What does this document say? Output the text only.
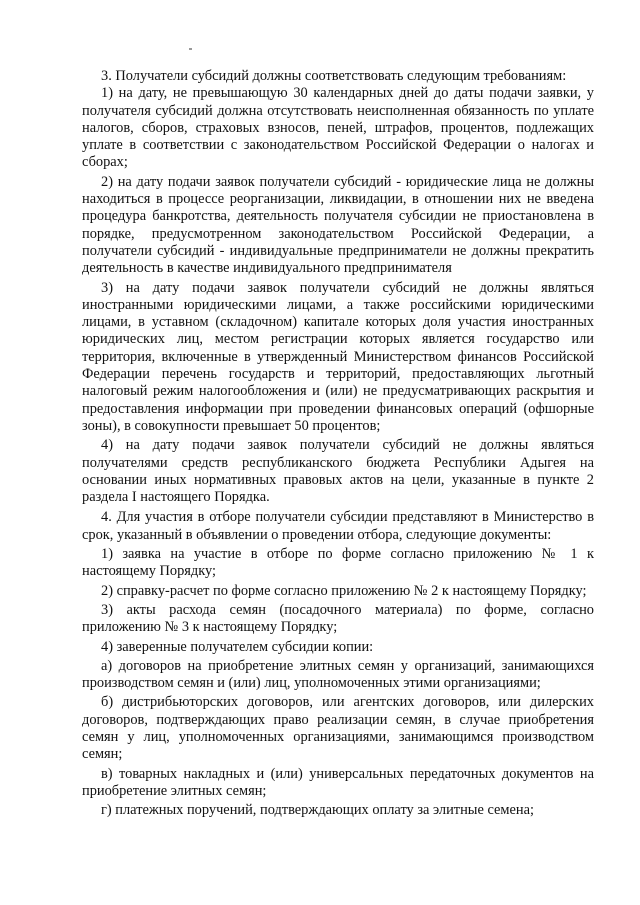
3. Получатели субсидий должны соответствовать следующим требованиям:

1) на дату, не превышающую 30 календарных дней до даты подачи заявки, у получателя субсидий должна отсутствовать неисполненная обязанность по уплате налогов, сборов, страховых взносов, пеней, штрафов, процентов, подлежащих уплате в соответствии с законодательством Российской Федерации о налогах и сборах;

2) на дату подачи заявок получатели субсидий - юридические лица не должны находиться в процессе реорганизации, ликвидации, в отношении них не введена процедура банкротства, деятельность получателя субсидии не приостановлена в порядке, предусмотренном законодательством Российской Федерации, а получатели субсидий - индивидуальные предприниматели не должны прекратить деятельность в качестве индивидуального предпринимателя

3) на дату подачи заявок получатели субсидий не должны являться иностранными юридическими лицами, а также российскими юридическими лицами, в уставном (складочном) капитале которых доля участия иностранных юридических лиц, местом регистрации которых является государство или территория, включенные в утвержденный Министерством финансов Российской Федерации перечень государств и территорий, предоставляющих льготный налоговый режим налогообложения и (или) не предусматривающих раскрытия и предоставления информации при проведении финансовых операций (офшорные зоны), в совокупности превышает 50 процентов;

4) на дату подачи заявок получатели субсидий не должны являться получателями средств республиканского бюджета Республики Адыгея на основании иных нормативных правовых актов на цели, указанные в пункте 2 раздела I настоящего Порядка.

4. Для участия в отборе получатели субсидии представляют в Министерство в срок, указанный в объявлении о проведении отбора, следующие документы:

1) заявка на участие в отборе по форме согласно приложению № 1 к настоящему Порядку;

2) справку-расчет по форме согласно приложению № 2 к настоящему Порядку;

3) акты расхода семян (посадочного материала) по форме, согласно приложению № 3 к настоящему Порядку;

4) заверенные получателем субсидии копии:

а) договоров на приобретение элитных семян у организаций, занимающихся производством семян и (или) лиц, уполномоченных этими организациями;

б) дистрибьюторских договоров, или агентских договоров, или дилерских договоров, подтверждающих право реализации семян, в случае приобретения семян у лиц, уполномоченных организациями, занимающимся производством семян;

в) товарных накладных и (или) универсальных передаточных документов на приобретение элитных семян;

г) платежных поручений, подтверждающих оплату за элитные семена;
